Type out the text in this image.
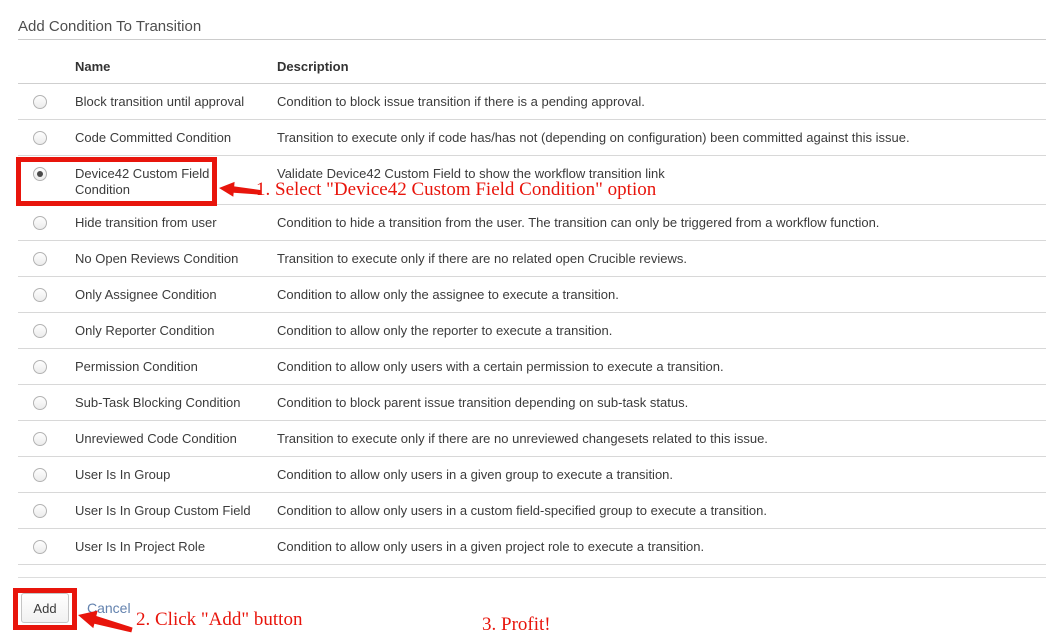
Add Condition To Transition
	Name	Description
	Block transition until approval	Condition to block issue transition if there is a pending approval.
	Code Committed Condition	Transition to execute only if code has/has not (depending on configuration) been committed against this issue.
	Device42 Custom Field Condition	Validate Device42 Custom Field to show the workflow transition link
	Hide transition from user	Condition to hide a transition from the user. The transition can only be triggered from a workflow function.
	No Open Reviews Condition	Transition to execute only if there are no related open Crucible reviews.
	Only Assignee Condition	Condition to allow only the assignee to execute a transition.
	Only Reporter Condition	Condition to allow only the reporter to execute a transition.
	Permission Condition	Condition to allow only users with a certain permission to execute a transition.
	Sub-Task Blocking Condition	Condition to block parent issue transition depending on sub-task status.
	Unreviewed Code Condition	Transition to execute only if there are no unreviewed changesets related to this issue.
	User Is In Group	Condition to allow only users in a given group to execute a transition.
	User Is In Group Custom Field	Condition to allow only users in a custom field-specified group to execute a transition.
	User Is In Project Role	Condition to allow only users in a given project role to execute a transition.
Add	Cancel
1. Select "Device42 Custom Field Condition" option
2. Click "Add" button	3. Profit!
